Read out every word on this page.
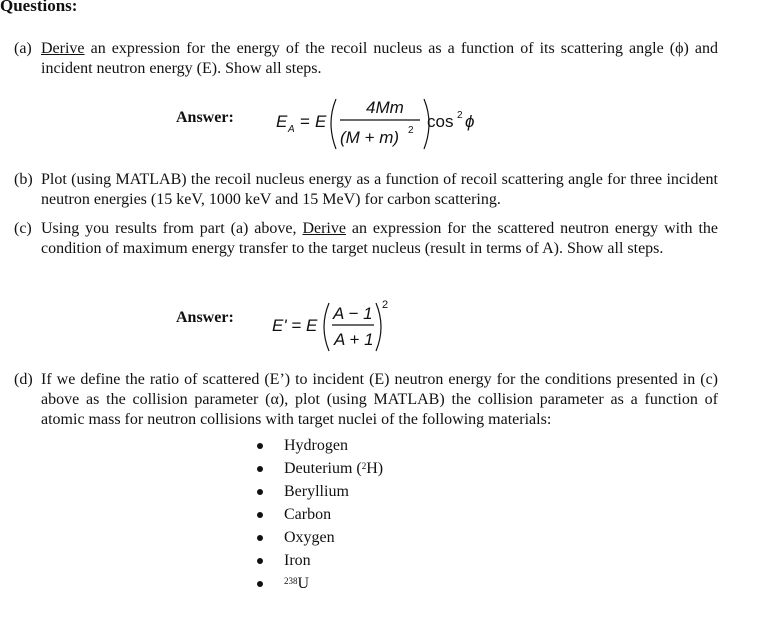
Questions:
(a) Derive an expression for the energy of the recoil nucleus as a function of its scattering angle (ϕ) and incident neutron energy (E). Show all steps.
Answer: E A = E
4Mm
(M + m) 2 cos 2 ϕ
(b) Plot (using MATLAB) the recoil nucleus energy as a function of recoil scattering angle for three incident neutron energies (15 keV, 1000 keV and 15 MeV) for carbon scattering.
(c) Using you results from part (a) above, Derive an expression for the scattered neutron energy with the condition of maximum energy transfer to the target nucleus (result in terms of A). Show all steps.
Answer: E' = E
A − 1
A + 1
2
(d) If we define the ratio of scattered (E’) to incident (E) neutron energy for the conditions presented in (c) above as the collision parameter (α), plot (using MATLAB) the collision parameter as a function of atomic mass for neutron collisions with target nuclei of the following materials:
Hydrogen
Deuterium ($^2$H)
Beryllium
Carbon
Oxygen
Iron
$^{238}$U
